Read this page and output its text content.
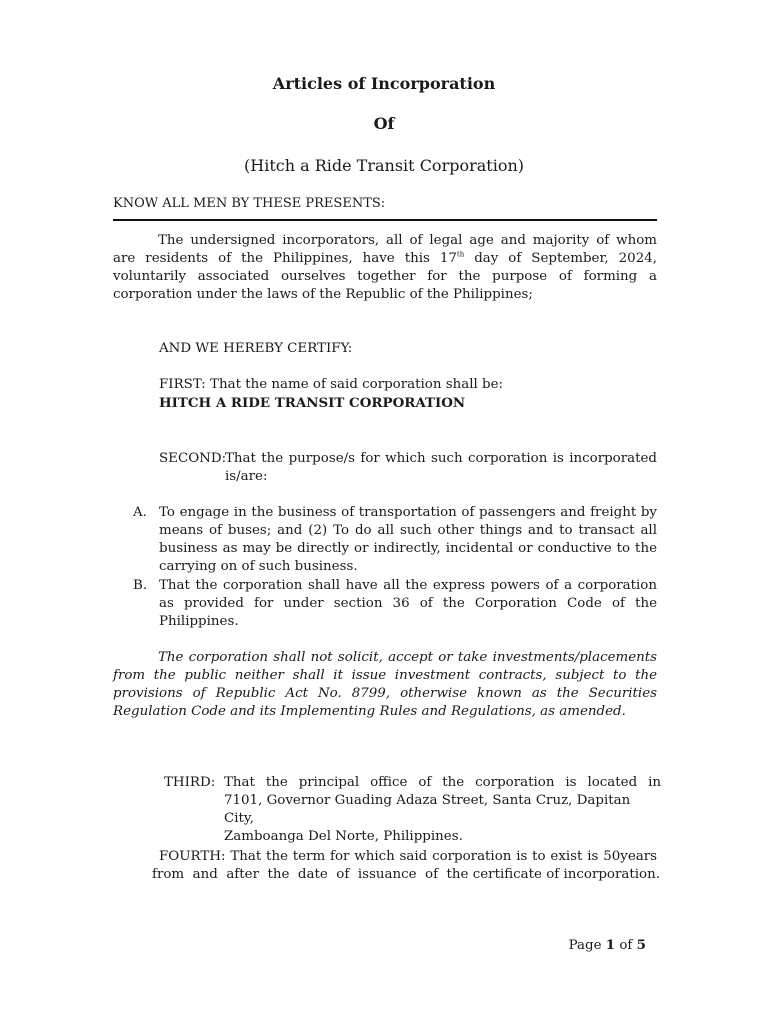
Articles of Incorporation
Of
(Hitch a Ride Transit Corporation)
KNOW ALL MEN BY THESE PRESENTS:
The undersigned incorporators, all of legal age and majority of whom are residents of the Philippines, have this 17th day of September, 2024, voluntarily associated ourselves together for the purpose of forming a corporation under the laws of the Republic of the Philippines;
AND WE HEREBY CERTIFY:
FIRST: That the name of said corporation shall be:
HITCH A RIDE TRANSIT CORPORATION
SECOND:
That the purpose/s for which such corporation is incorporated is/are:
A. To engage in the business of transportation of passengers and freight by means of buses; and (2) To do all such other things and to transact all business as may be directly or indirectly, incidental or conductive to the carrying on of such business.
B. That the corporation shall have all the express powers of a corporation as provided for under section 36 of the Corporation Code of the Philippines.
The corporation shall not solicit, accept or take investments/placements from the public neither shall it issue investment contracts, subject to the provisions of Republic Act No. 8799, otherwise known as the Securities Regulation Code and its Implementing Rules and Regulations, as amended.
THIRD: That the principal office of the corporation is located in
7101, Governor Guading Adaza Street, Santa Cruz, Dapitan City,
Zamboanga Del Norte, Philippines.
FOURTH: That the term for which said corporation is to exist is 50years
from  and  after  the  date  of  issuance  of  the certificate of incorporation.
Page 1 of 5
